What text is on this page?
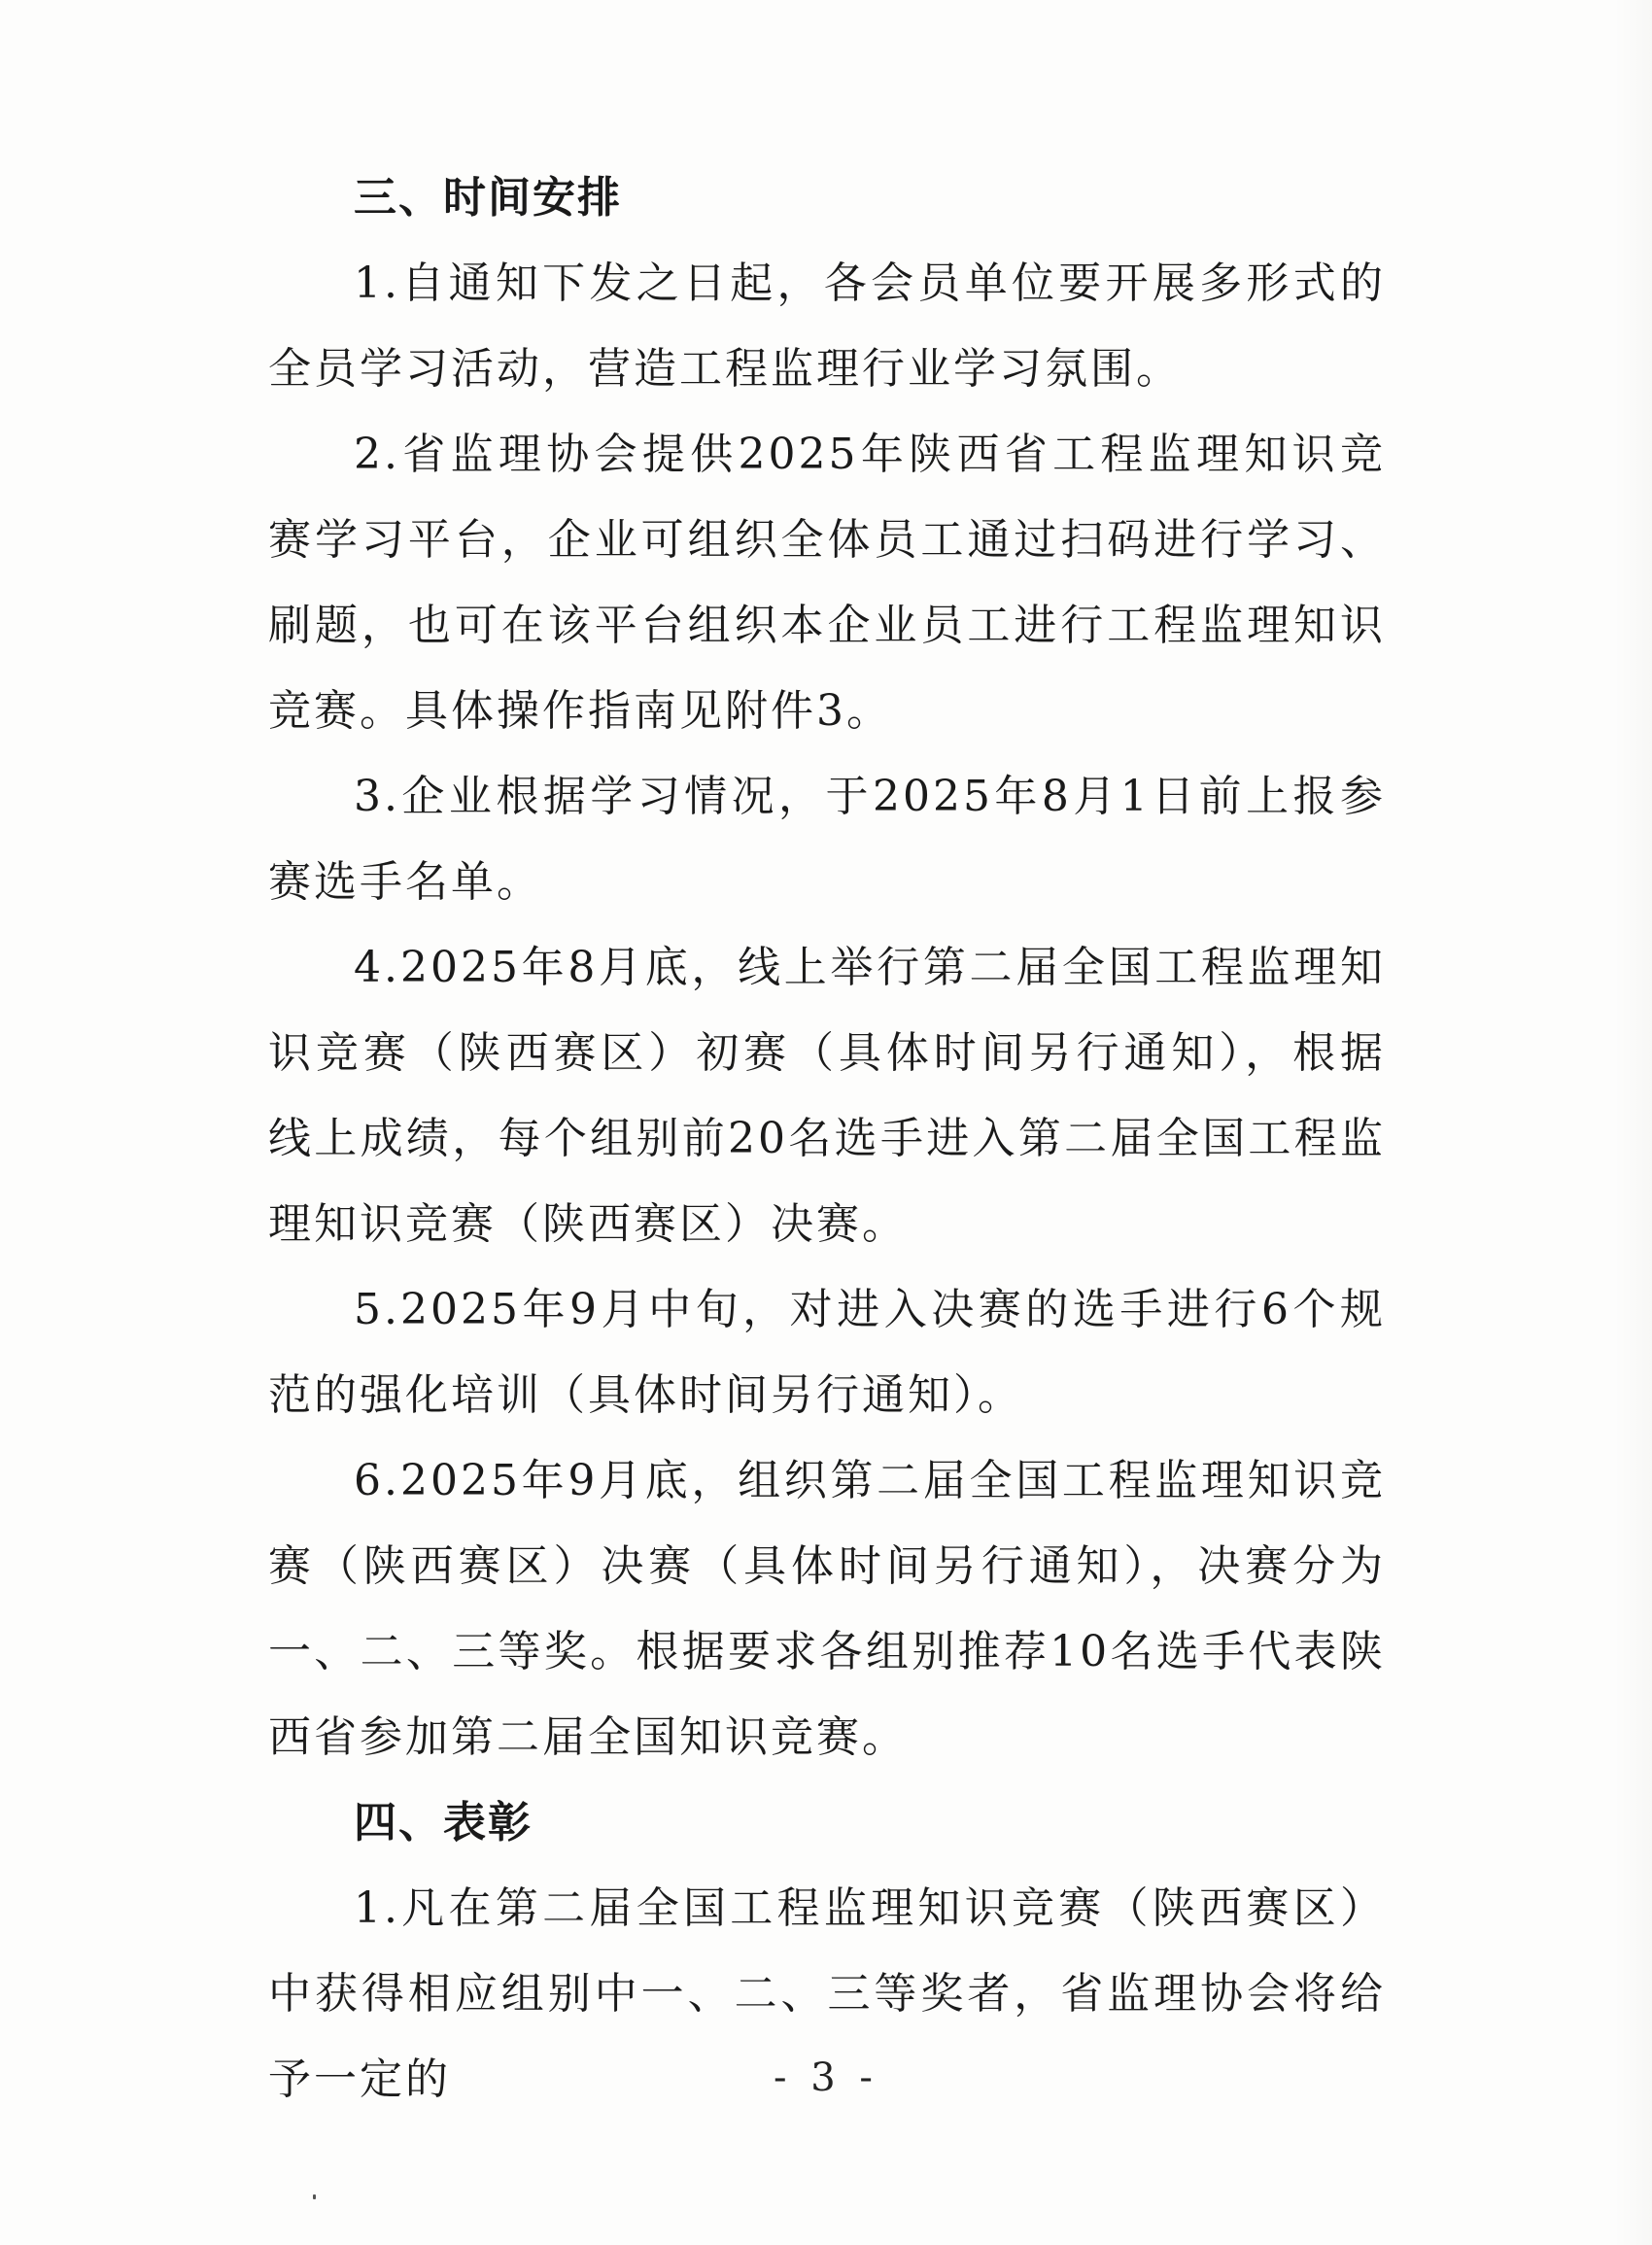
三、时间安排

1.自通知下发之日起，各会员单位要开展多形式的全员学习活动，营造工程监理行业学习氛围。

2.省监理协会提供2025年陕西省工程监理知识竞赛学习平台，企业可组织全体员工通过扫码进行学习、刷题，也可在该平台组织本企业员工进行工程监理知识竞赛。具体操作指南见附件3。

3.企业根据学习情况，于2025年8月1日前上报参赛选手名单。

4.2025年8月底，线上举行第二届全国工程监理知识竞赛（陕西赛区）初赛（具体时间另行通知），根据线上成绩，每个组别前20名选手进入第二届全国工程监理知识竞赛（陕西赛区）决赛。

5.2025年9月中旬，对进入决赛的选手进行6个规范的强化培训（具体时间另行通知）。

6.2025年9月底，组织第二届全国工程监理知识竞赛（陕西赛区）决赛（具体时间另行通知），决赛分为一、二、三等奖。根据要求各组别推荐10名选手代表陕西省参加第二届全国知识竞赛。

四、表彰

1.凡在第二届全国工程监理知识竞赛（陕西赛区）中获得相应组别中一、二、三等奖者，省监理协会将给予一定的	- 3 -
